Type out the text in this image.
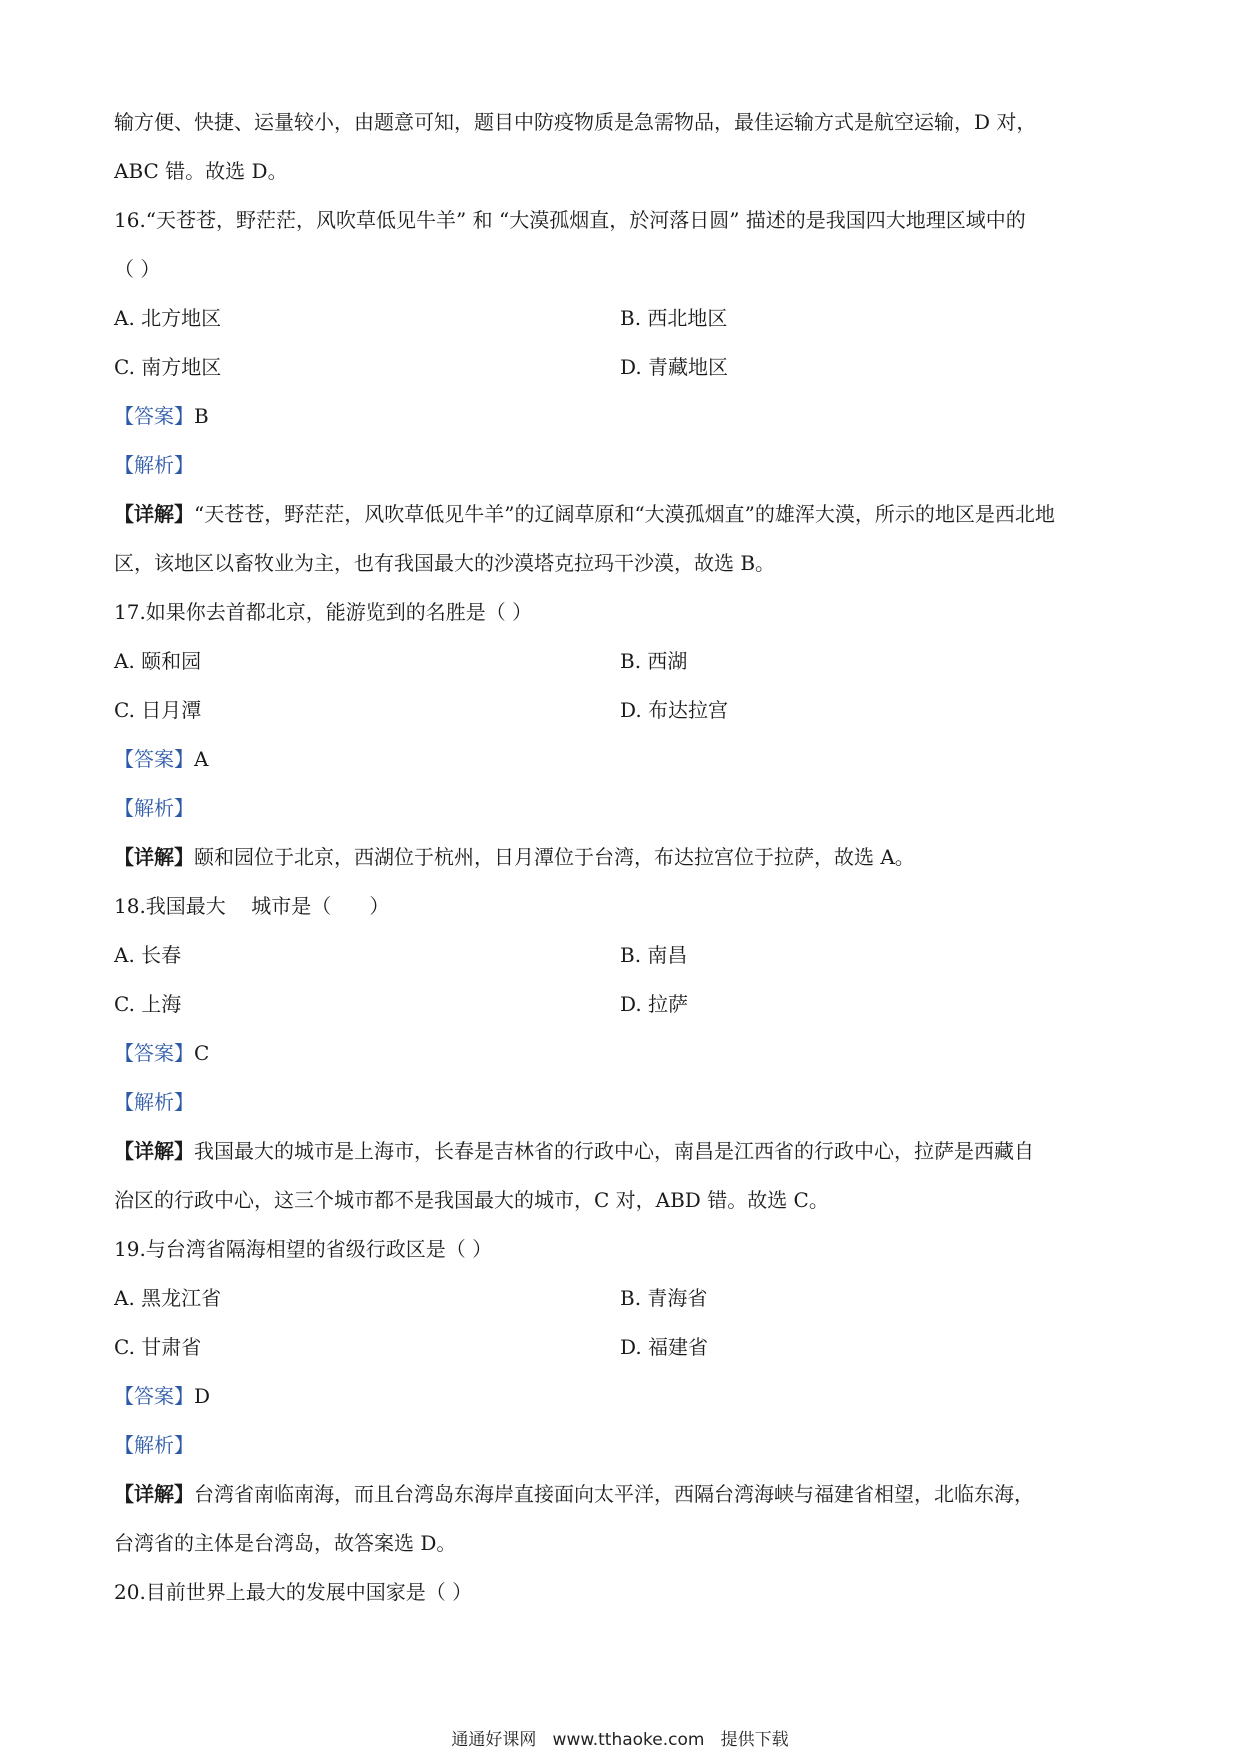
输方便、快捷、运量较小，由题意可知，题目中防疫物质是急需物品，最佳运输方式是航空运输，D 对，
ABC 错。故选 D。
16.“天苍苍，野茫茫，风吹草低见牛羊” 和 “大漠孤烟直，於河落日圆” 描述的是我国四大地理区域中的
（ ）
A. 北方地区	B. 西北地区
C. 南方地区	D. 青藏地区
【答案】B
【解析】
【详解】“天苍苍，野茫茫，风吹草低见牛羊”的辽阔草原和“大漠孤烟直”的雄浑大漠，所示的地区是西北地
区，该地区以畜牧业为主，也有我国最大的沙漠塔克拉玛干沙漠，故选 B。
17.如果你去首都北京，能游览到的名胜是（ ）
A. 颐和园	B. 西湖
C. 日月潭	D. 布达拉宫
【答案】A
【解析】
【详解】颐和园位于北京，西湖位于杭州，日月潭位于台湾，布达拉宫位于拉萨，故选 A。
18.我国最大    城市是（      ）
A. 长春	B. 南昌
C. 上海	D. 拉萨
【答案】C
【解析】
【详解】我国最大的城市是上海市，长春是吉林省的行政中心，南昌是江西省的行政中心，拉萨是西藏自
治区的行政中心，这三个城市都不是我国最大的城市，C 对，ABD 错。故选 C。
19.与台湾省隔海相望的省级行政区是（ ）
A. 黑龙江省	B. 青海省
C. 甘肃省	D. 福建省
【答案】D
【解析】
【详解】台湾省南临南海，而且台湾岛东海岸直接面向太平洋，西隔台湾海峡与福建省相望，北临东海，
台湾省的主体是台湾岛，故答案选 D。
20.目前世界上最大的发展中国家是（ ）
通通好课网   www.tthaoke.com   提供下载
